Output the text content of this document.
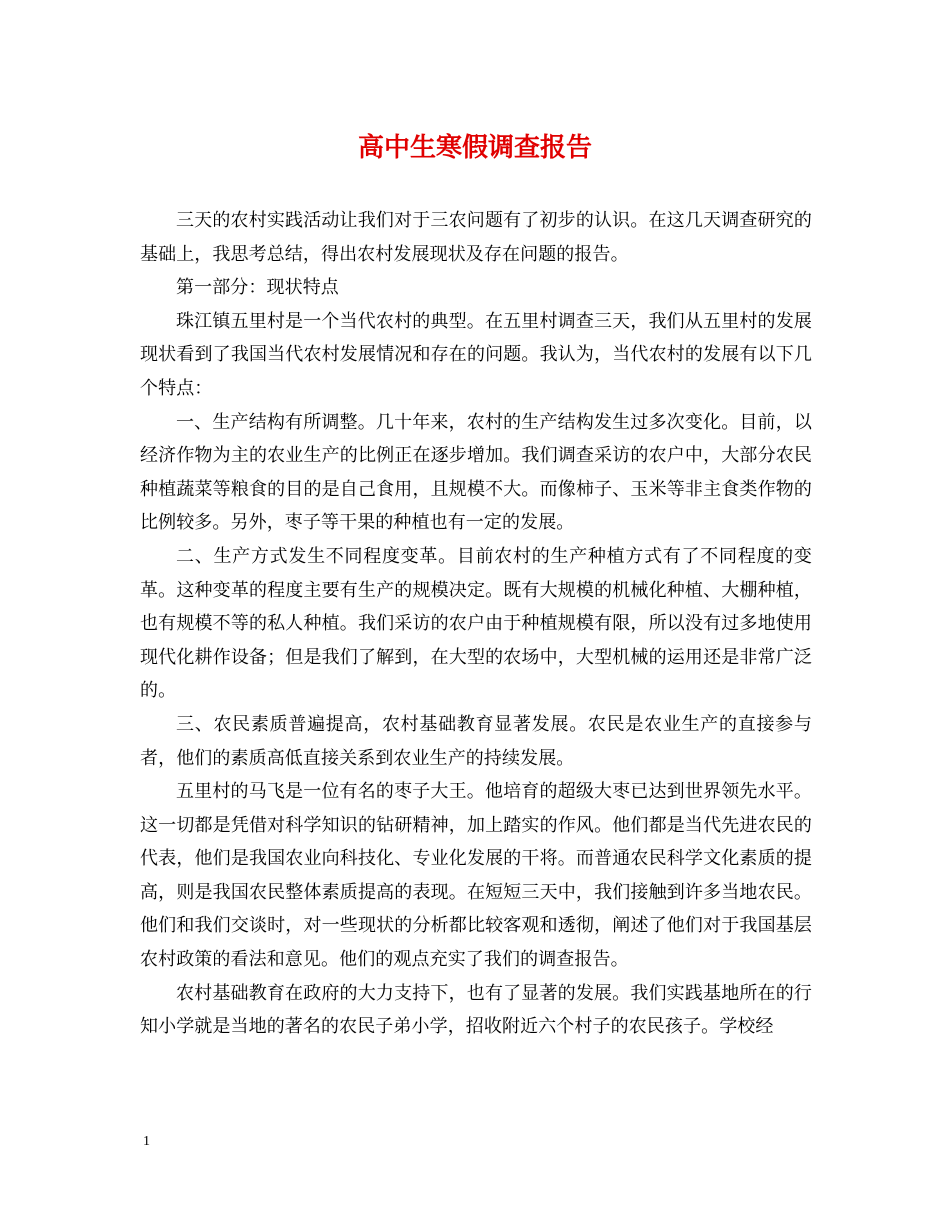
高中生寒假调查报告

三天的农村实践活动让我们对于三农问题有了初步的认识。在这几天调查研究的基础上，我思考总结，得出农村发展现状及存在问题的报告。

第一部分：现状特点

珠江镇五里村是一个当代农村的典型。在五里村调查三天，我们从五里村的发展现状看到了我国当代农村发展情况和存在的问题。我认为，当代农村的发展有以下几个特点：

一、生产结构有所调整。几十年来，农村的生产结构发生过多次变化。目前，以经济作物为主的农业生产的比例正在逐步增加。我们调查采访的农户中，大部分农民种植蔬菜等粮食的目的是自己食用，且规模不大。而像柿子、玉米等非主食类作物的比例较多。另外，枣子等干果的种植也有一定的发展。

二、生产方式发生不同程度变革。目前农村的生产种植方式有了不同程度的变革。这种变革的程度主要有生产的规模决定。既有大规模的机械化种植、大棚种植，也有规模不等的私人种植。我们采访的农户由于种植规模有限，所以没有过多地使用现代化耕作设备；但是我们了解到，在大型的农场中，大型机械的运用还是非常广泛的。

三、农民素质普遍提高，农村基础教育显著发展。农民是农业生产的直接参与者，他们的素质高低直接关系到农业生产的持续发展。

五里村的马飞是一位有名的枣子大王。他培育的超级大枣已达到世界领先水平。这一切都是凭借对科学知识的钻研精神，加上踏实的作风。他们都是当代先进农民的代表，他们是我国农业向科技化、专业化发展的干将。而普通农民科学文化素质的提高，则是我国农民整体素质提高的表现。在短短三天中，我们接触到许多当地农民。他们和我们交谈时，对一些现状的分析都比较客观和透彻，阐述了他们对于我国基层农村政策的看法和意见。他们的观点充实了我们的调查报告。

农村基础教育在政府的大力支持下，也有了显著的发展。我们实践基地所在的行知小学就是当地的著名的农民子弟小学，招收附近六个村子的农民孩子。学校经

1
